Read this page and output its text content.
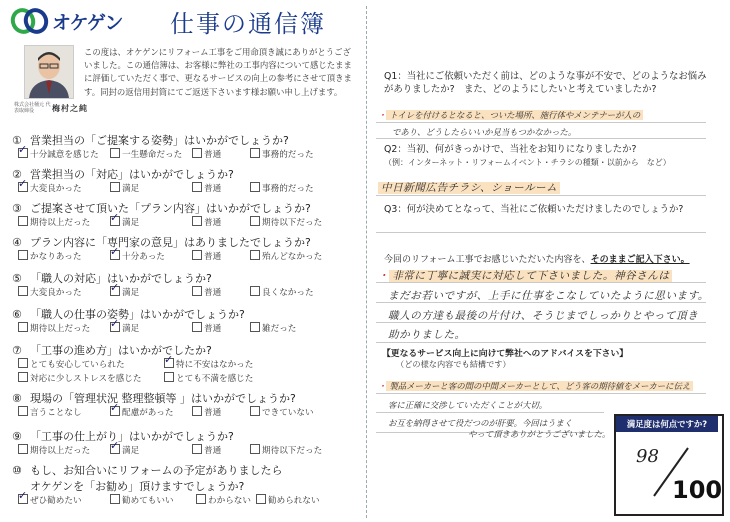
オケゲン 仕事の通信簿
株式会社桶元 代表取締役	梅村之純
この度は、オケゲンにリフォーム工事をご用命頂き誠にありがとうございました。この通信簿は、お客様に弊社の工事内容について感じたままに評価していただく事で、更なるサービスの向上の参考にさせて頂きます。同封の返信用封筒にてご返送下さいます様お願い申し上げます。
① 営業担当の「ご提案する姿勢」はいかがでしょうか?
✓十分誠意を感じた	一生懸命だった	普通	事務的だった
② 営業担当の「対応」はいかがでしょうか?
✓大変良かった	満足	普通	事務的だった
③ ご提案させて頂いた「プラン内容」はいかがでしょうか?
期待以上だった ✓	満足	普通	期待以下だった
④ プラン内容に「専門家の意見」はありましたでしょうか?
かなりあった ✓	十分あった	普通	殆んどなかった
⑤ 「職人の対応」はいかがでしょうか?
大変良かった ✓	満足	普通	良くなかった
⑥ 「職人の仕事の姿勢」はいかがでしょうか?
期待以上だった ✓	満足	普通	雑だった
⑦ 「工事の進め方」はいかがでしたか?
とても安心していられた ✓	特に不安はなかった
対応に少しストレスを感じた	とても不満を感じた
⑧ 現場の「管理状況 整理整頓等 」はいかがでしょうか?
言うことなし ✓	配慮があった	普通	できていない
⑨ 「工事の仕上がり」はいかがでしょうか?
期待以上だった ✓	満足	普通	期待以下だった
⑩ もし、お知合いにリフォームの予定がありましたら
オケゲンを「お勧め」頂けますでしょうか?
✓ぜひ勧めたい	勧めてもいい	わからない	勧められない
Q1：当社にご依頼いただく前は、どのような事が不安で、どのようなお悩みがありましたか?　また、どのようにしたいと考えていましたか?
・ トイレを付けるとなると、ついた場所、施行体やメンテナーが人の
であり、どうしたらいいか見当もつかなかった。
Q2：当初、何がきっかけで、当社をお知りになりましたか?
（例：インターネット・リフォームイベント・チラシの種類・以前から　など）
中日新聞広告チラシ、ショールーム
Q3：何が決めてとなって、当社にご依頼いただけましたのでしょうか?
今回のリフォーム工事でお感じいただいた内容を、そのままご記入下さい。
・ 非常に丁寧に誠実に対応して下さいました。神谷さんは
まだお若いですが、上手に仕事をこなしていたように思います。
職人の方達も最後の片付け、そうじまでしっかりとやって頂き
助かりました。
【更なるサービス向上に向けて弊社へのアドバイスを下さい】
（どの様な内容でも結構です）
・ 製品メーカーと客の間の中間メーカーとして、どう客の期待値をメーカーに伝え
客に正確に交渉していただくことが大切。
お互を納得させて役だつのが肝要。今回はうまく
やって頂きありがとうございました。
満足度は何点ですか?
98
100
